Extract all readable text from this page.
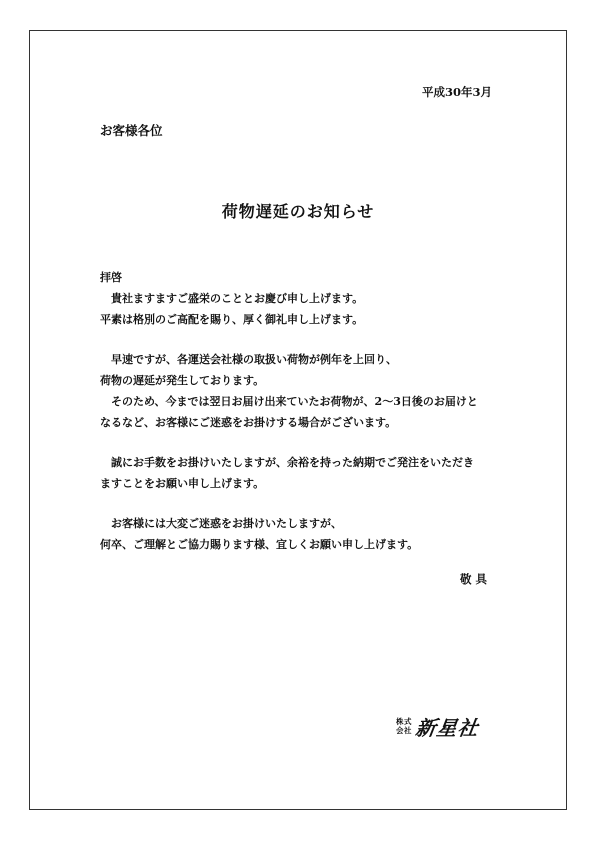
平成30年3月
お客様各位
荷物遅延のお知らせ
拝啓
　貴社ますますご盛栄のこととお慶び申し上げます。
平素は格別のご高配を賜り、厚く御礼申し上げます。
　早速ですが、各運送会社様の取扱い荷物が例年を上回り、
荷物の遅延が発生しております。
　そのため、今までは翌日お届け出来ていたお荷物が、2〜3日後のお届けと
なるなど、お客様にご迷惑をお掛けする場合がございます。
　誠にお手数をお掛けいたしますが、余裕を持った納期でご発注をいただき
ますことをお願い申し上げます。
　お客様には大変ご迷惑をお掛けいたしますが、
何卒、ご理解とご協力賜ります様、宜しくお願い申し上げます。
敬具
株式
会社 新星社
